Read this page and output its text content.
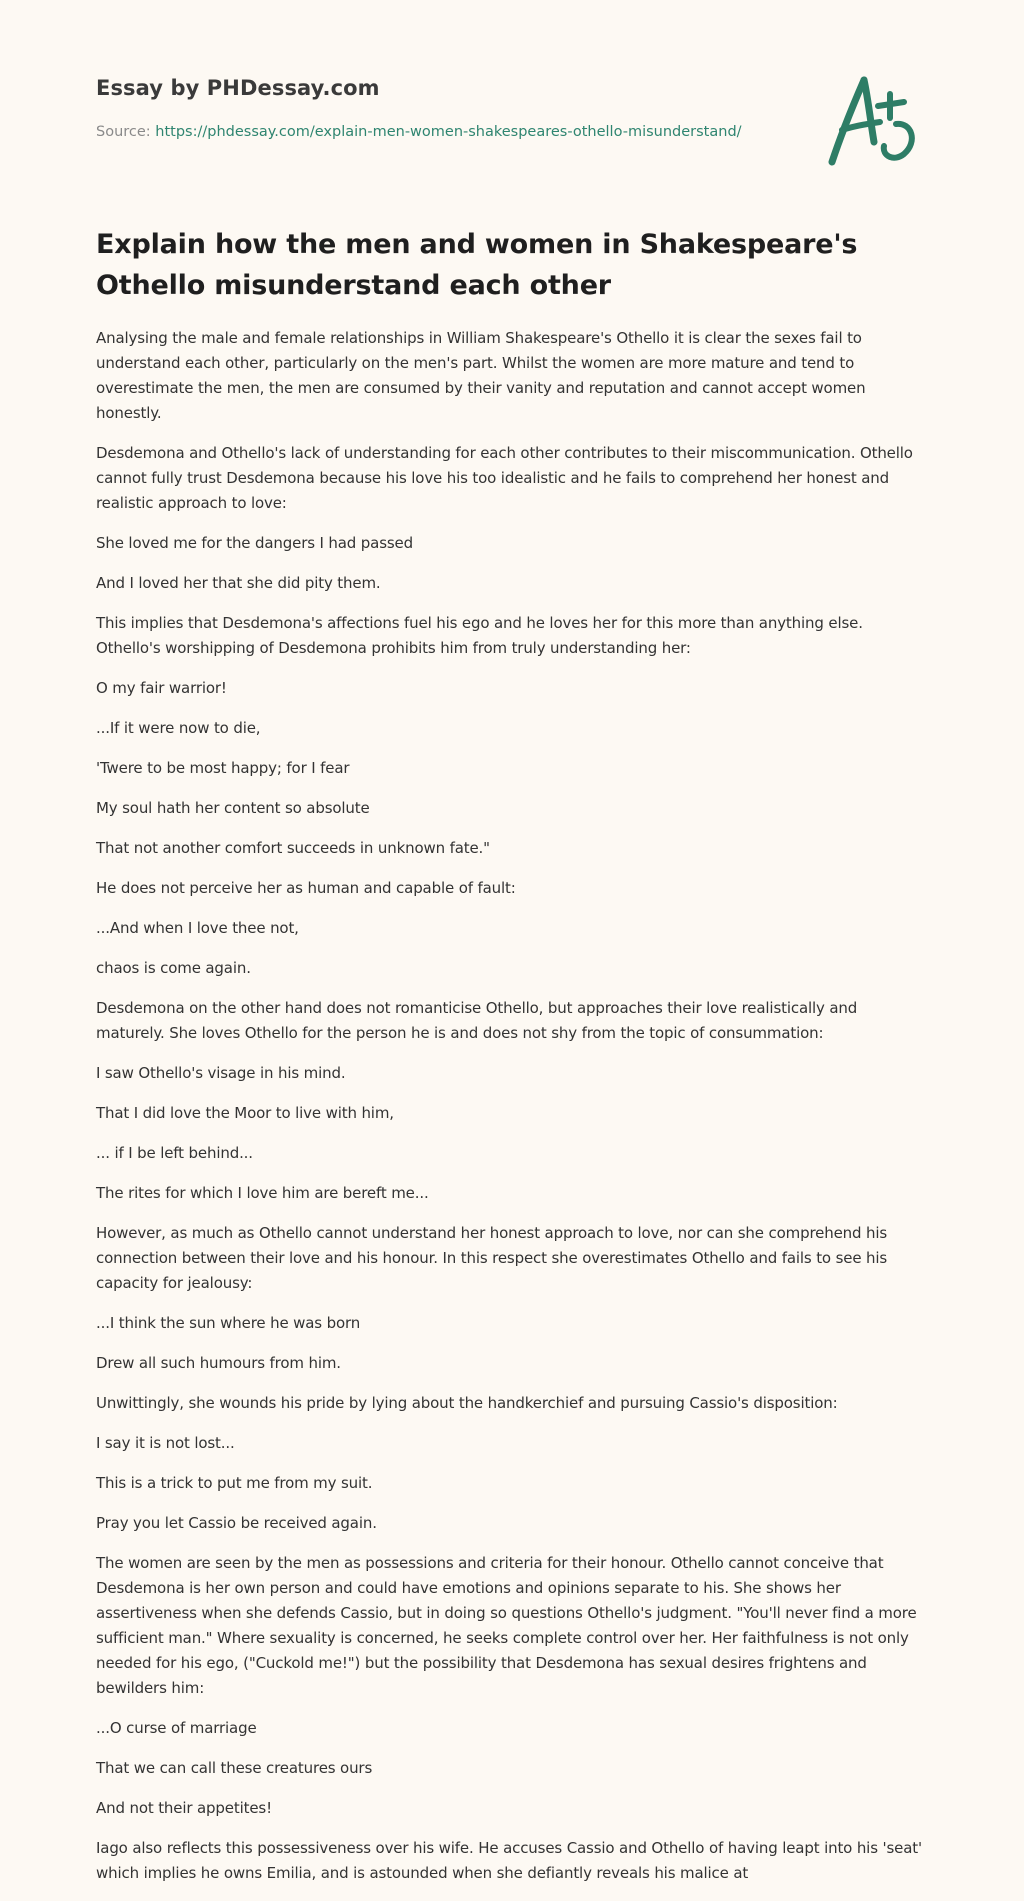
Essay by PHDessay.com
Source: https://phdessay.com/explain-men-women-shakespeares-othello-misunderstand/
Explain how the men and women in Shakespeare's Othello misunderstand each other

Analysing the male and female relationships in William Shakespeare's Othello it is clear the sexes fail to understand each other, particularly on the men's part. Whilst the women are more mature and tend to overestimate the men, the men are consumed by their vanity and reputation and cannot accept women honestly.

Desdemona and Othello's lack of understanding for each other contributes to their miscommunication. Othello cannot fully trust Desdemona because his love his too idealistic and he fails to comprehend her honest and realistic approach to love:

She loved me for the dangers I had passed

And I loved her that she did pity them.

This implies that Desdemona's affections fuel his ego and he loves her for this more than anything else. Othello's worshipping of Desdemona prohibits him from truly understanding her:

O my fair warrior!

...If it were now to die,

'Twere to be most happy; for I fear

My soul hath her content so absolute

That not another comfort succeeds in unknown fate."

He does not perceive her as human and capable of fault:

...And when I love thee not,

chaos is come again.

Desdemona on the other hand does not romanticise Othello, but approaches their love realistically and maturely. She loves Othello for the person he is and does not shy from the topic of consummation:

I saw Othello's visage in his mind.

That I did love the Moor to live with him,

... if I be left behind...

The rites for which I love him are bereft me...

However, as much as Othello cannot understand her honest approach to love, nor can she comprehend his connection between their love and his honour. In this respect she overestimates Othello and fails to see his capacity for jealousy:

...I think the sun where he was born

Drew all such humours from him.

Unwittingly, she wounds his pride by lying about the handkerchief and pursuing Cassio's disposition:

I say it is not lost...

This is a trick to put me from my suit.

Pray you let Cassio be received again.

The women are seen by the men as possessions and criteria for their honour. Othello cannot conceive that Desdemona is her own person and could have emotions and opinions separate to his. She shows her assertiveness when she defends Cassio, but in doing so questions Othello's judgment. "You'll never find a more sufficient man." Where sexuality is concerned, he seeks complete control over her. Her faithfulness is not only needed for his ego, ("Cuckold me!") but the possibility that Desdemona has sexual desires frightens and bewilders him:

...O curse of marriage

That we can call these creatures ours

And not their appetites!

Iago also reflects this possessiveness over his wife. He accuses Cassio and Othello of having leapt into his 'seat' which implies he owns Emilia, and is astounded when she defiantly reveals his malice at
